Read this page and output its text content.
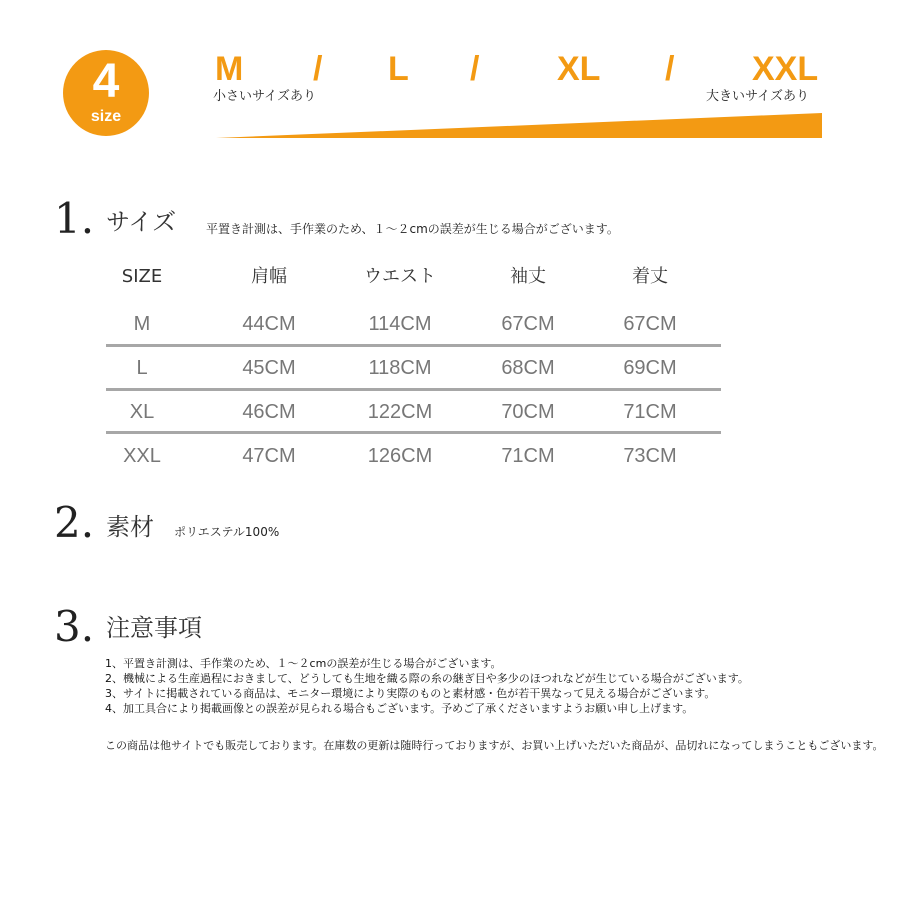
4
size
M / L / XL / XXL
小さいサイズあり	大きいサイズあり
1. サイズ 平置き計測は、手作業のため、１～２cmの誤差が生じる場合がございます。
SIZE	肩幅	ウエスト	袖丈	着丈
M	44CM	114CM	67CM	67CM
L	45CM	118CM	68CM	69CM
XL	46CM	122CM	70CM	71CM
XXL	47CM	126CM	71CM	73CM
2. 素材 ポリエステル100%
3. 注意事項
1、平置き計測は、手作業のため、１～２cmの誤差が生じる場合がございます。
2、機械による生産過程におきまして、どうしても生地を織る際の糸の継ぎ目や多少のほつれなどが生じている場合がございます。
3、サイトに掲載されている商品は、モニター環境により実際のものと素材感・色が若干異なって見える場合がございます。
4、加工具合により掲載画像との誤差が見られる場合もございます。予めご了承くださいますようお願い申し上げます。
この商品は他サイトでも販売しております。在庫数の更新は随時行っておりますが、お買い上げいただいた商品が、品切れになってしまうこともございます。
